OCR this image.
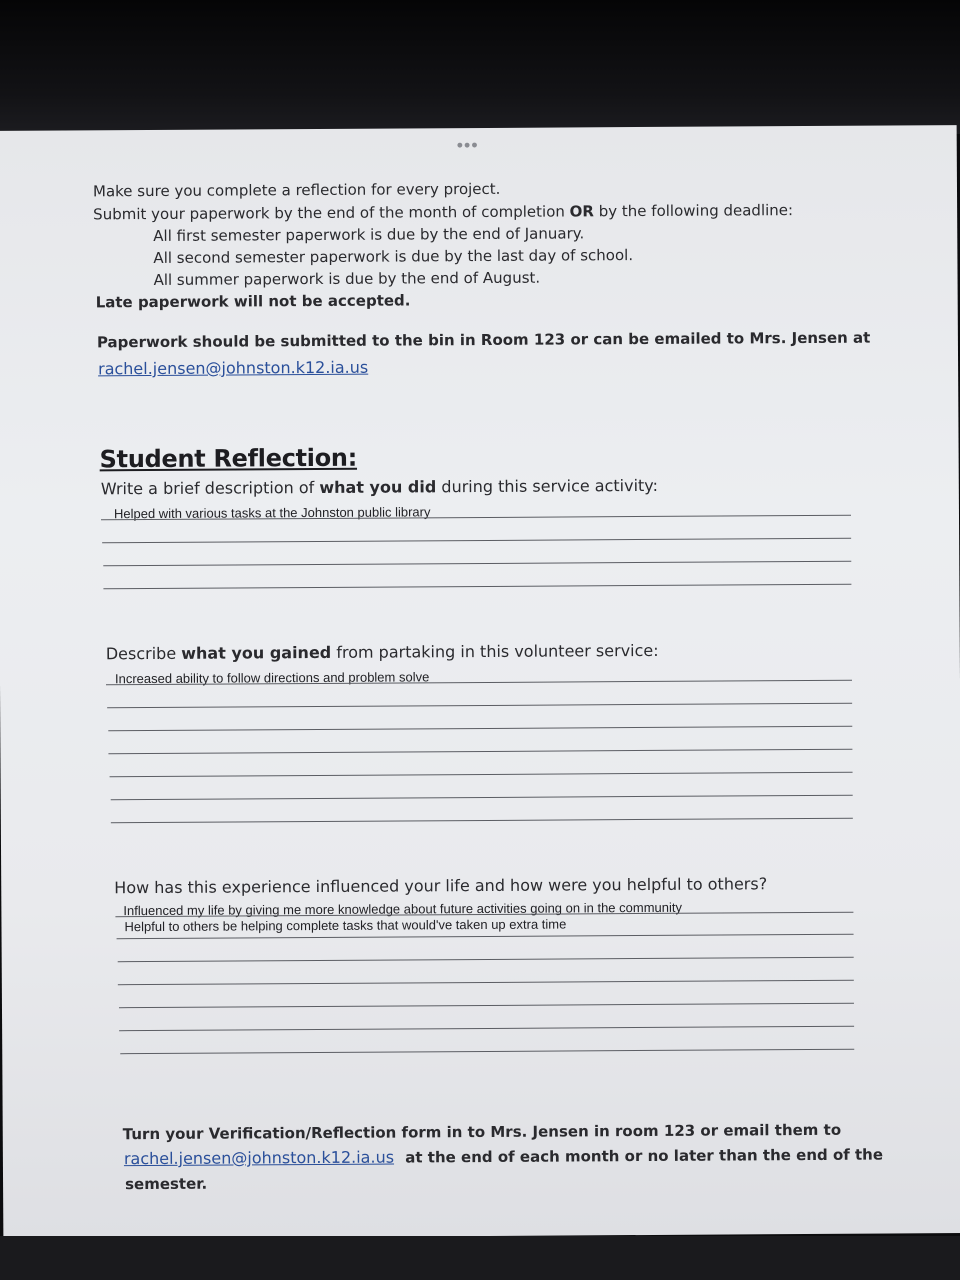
•••
Make sure you complete a reflection for every project.
Submit your paperwork by the end of the month of completion OR by the following deadline:
All first semester paperwork is due by the end of January.
All second semester paperwork is due by the last day of school.
All summer paperwork is due by the end of August.
Late paperwork will not be accepted.
Paperwork should be submitted to the bin in Room 123 or can be emailed to Mrs. Jensen at
rachel.jensen@johnston.k12.ia.us
Student Reflection:
Write a brief description of what you did during this service activity:
Helped with various tasks at the Johnston public library
Describe what you gained from partaking in this volunteer service:
Increased ability to follow directions and problem solve
How has this experience influenced your life and how were you helpful to others?
Influenced my life by giving me more knowledge about future activities going on in the community
Helpful to others be helping complete tasks that would've taken up extra time
Turn your Verification/Reflection form in to Mrs. Jensen in room 123 or email them to
rachel.jensen@johnston.k12.ia.us at the end of each month or no later than the end of the
semester.
